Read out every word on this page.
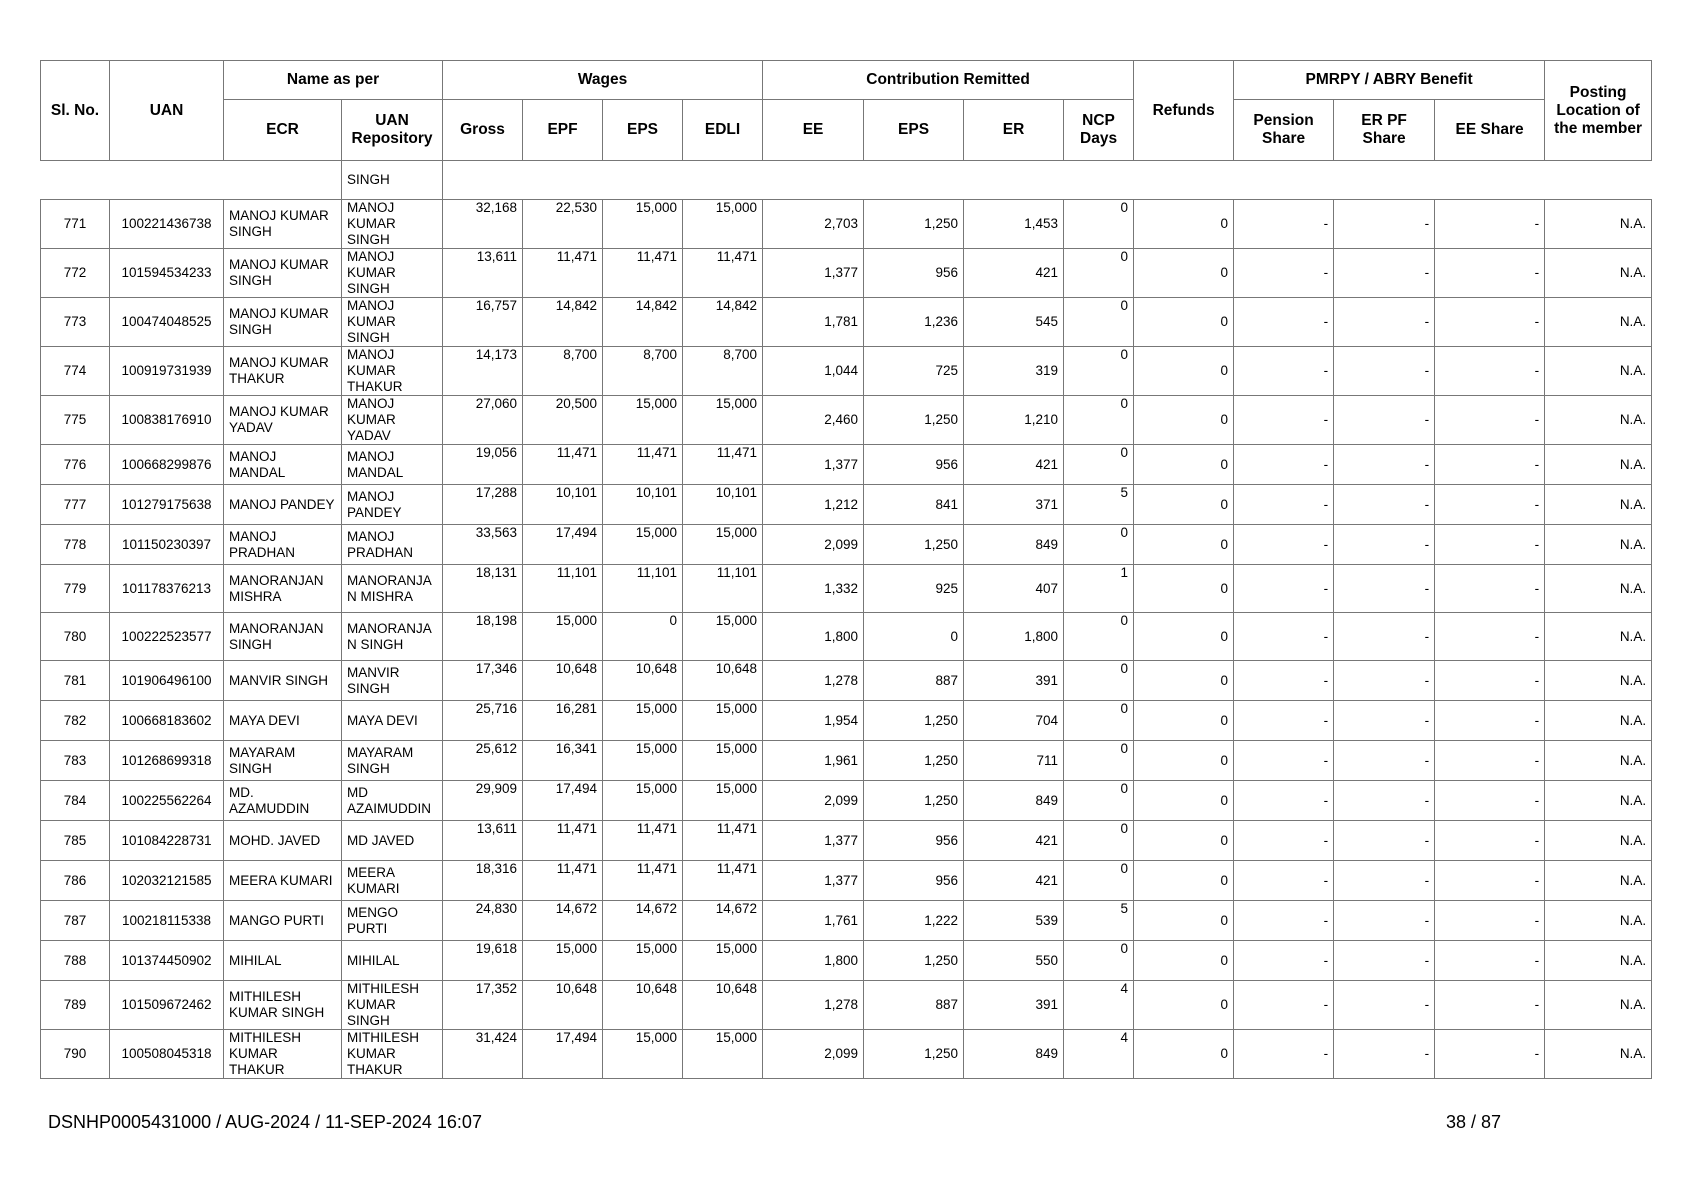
Sl. No.	UAN	Name as per		Wages				Contribution Remitted				Refunds	PMRPY / ABRY Benefit			Posting Location of the member
		ECR	UAN Repository	Gross	EPF	EPS	EDLI	EE	EPS	ER	NCP Days		Pension Share	ER PF Share	EE Share	
			SINGH													
771	100221436738	MANOJ KUMAR SINGH	MANOJ KUMAR SINGH	32,168	22,530	15,000	15,000	2,703	1,250	1,453	0	0	-	-	-	N.A.
772	101594534233	MANOJ KUMAR SINGH	MANOJ KUMAR SINGH	13,611	11,471	11,471	11,471	1,377	956	421	0	0	-	-	-	N.A.
773	100474048525	MANOJ KUMAR SINGH	MANOJ KUMAR SINGH	16,757	14,842	14,842	14,842	1,781	1,236	545	0	0	-	-	-	N.A.
774	100919731939	MANOJ KUMAR THAKUR	MANOJ KUMAR THAKUR	14,173	8,700	8,700	8,700	1,044	725	319	0	0	-	-	-	N.A.
775	100838176910	MANOJ KUMAR YADAV	MANOJ KUMAR YADAV	27,060	20,500	15,000	15,000	2,460	1,250	1,210	0	0	-	-	-	N.A.
776	100668299876	MANOJ MANDAL	MANOJ MANDAL	19,056	11,471	11,471	11,471	1,377	956	421	0	0	-	-	-	N.A.
777	101279175638	MANOJ PANDEY	MANOJ PANDEY	17,288	10,101	10,101	10,101	1,212	841	371	5	0	-	-	-	N.A.
778	101150230397	MANOJ PRADHAN	MANOJ PRADHAN	33,563	17,494	15,000	15,000	2,099	1,250	849	0	0	-	-	-	N.A.
779	101178376213	MANORANJAN MISHRA	MANORANJA N MISHRA	18,131	11,101	11,101	11,101	1,332	925	407	1	0	-	-	-	N.A.
780	100222523577	MANORANJAN SINGH	MANORANJA N SINGH	18,198	15,000	0	15,000	1,800	0	1,800	0	0	-	-	-	N.A.
781	101906496100	MANVIR SINGH	MANVIR SINGH	17,346	10,648	10,648	10,648	1,278	887	391	0	0	-	-	-	N.A.
782	100668183602	MAYA DEVI	MAYA DEVI	25,716	16,281	15,000	15,000	1,954	1,250	704	0	0	-	-	-	N.A.
783	101268699318	MAYARAM SINGH	MAYARAM SINGH	25,612	16,341	15,000	15,000	1,961	1,250	711	0	0	-	-	-	N.A.
784	100225562264	MD. AZAMUDDIN	MD AZAIMUDDIN	29,909	17,494	15,000	15,000	2,099	1,250	849	0	0	-	-	-	N.A.
785	101084228731	MOHD. JAVED	MD JAVED	13,611	11,471	11,471	11,471	1,377	956	421	0	0	-	-	-	N.A.
786	102032121585	MEERA KUMARI	MEERA KUMARI	18,316	11,471	11,471	11,471	1,377	956	421	0	0	-	-	-	N.A.
787	100218115338	MANGO PURTI	MENGO PURTI	24,830	14,672	14,672	14,672	1,761	1,222	539	5	0	-	-	-	N.A.
788	101374450902	MIHILAL	MIHILAL	19,618	15,000	15,000	15,000	1,800	1,250	550	0	0	-	-	-	N.A.
789	101509672462	MITHILESH KUMAR SINGH	MITHILESH KUMAR SINGH	17,352	10,648	10,648	10,648	1,278	887	391	4	0	-	-	-	N.A.
790	100508045318	MITHILESH KUMAR THAKUR	MITHILESH KUMAR THAKUR	31,424	17,494	15,000	15,000	2,099	1,250	849	4	0	-	-	-	N.A.
DSNHP0005431000 / AUG-2024 / 11-SEP-2024 16:07	38 / 87
